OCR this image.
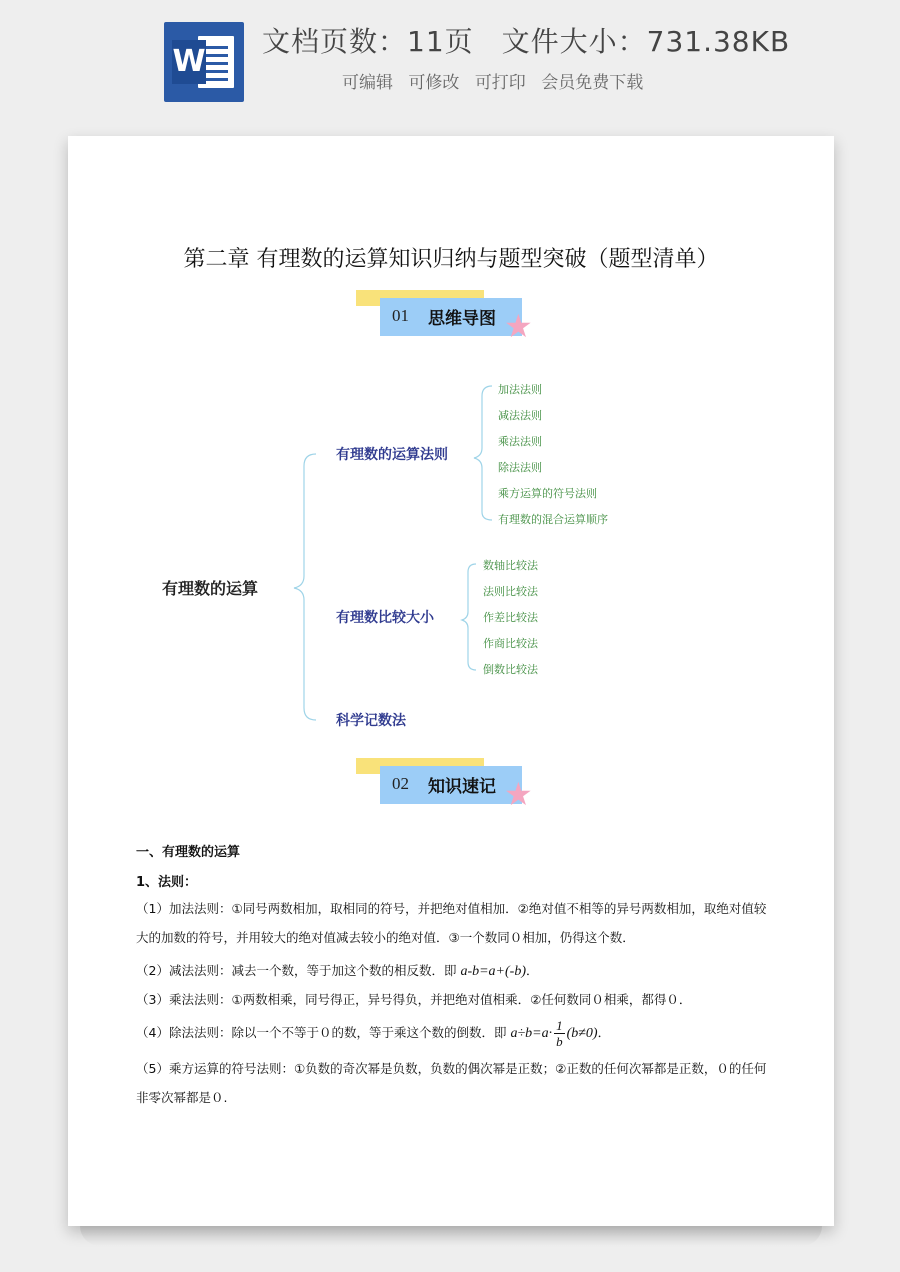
W
文档页数：11页 文件大小：731.38KB
可编辑 可修改 可打印 会员免费下载
第二章 有理数的运算知识归纳与题型突破（题型清单）
01 思维导图 ★
有理数的运算
有理数的运算法则
有理数比较大小
科学记数法
加法法则
减法法则
乘法法则
除法法则
乘方运算的符号法则
有理数的混合运算顺序
数轴比较法
法则比较法
作差比较法
作商比较法
倒数比较法
02 知识速记 ★
一、有理数的运算
1、法则：
（1）加法法则：①同号两数相加，取相同的符号，并把绝对值相加．②绝对值不相等的异号两数相加，取绝对值较大的加数的符号，并用较大的绝对值减去较小的绝对值．③一个数同０相加，仍得这个数．
（2）减法法则：减去一个数，等于加这个数的相反数．即 a-b=a+(-b)．
（3）乘法法则：①两数相乘，同号得正，异号得负，并把绝对值相乘．②任何数同０相乘，都得０．
（4）除法法则：除以一个不等于０的数，等于乘这个数的倒数．即 $a\div b=a\cdot \frac{1}{b} (b\ne 0)$．
（5）乘方运算的符号法则：①负数的奇次幂是负数，负数的偶次幂是正数；②正数的任何次幂都是正数，０的任何非零次幂都是０.
